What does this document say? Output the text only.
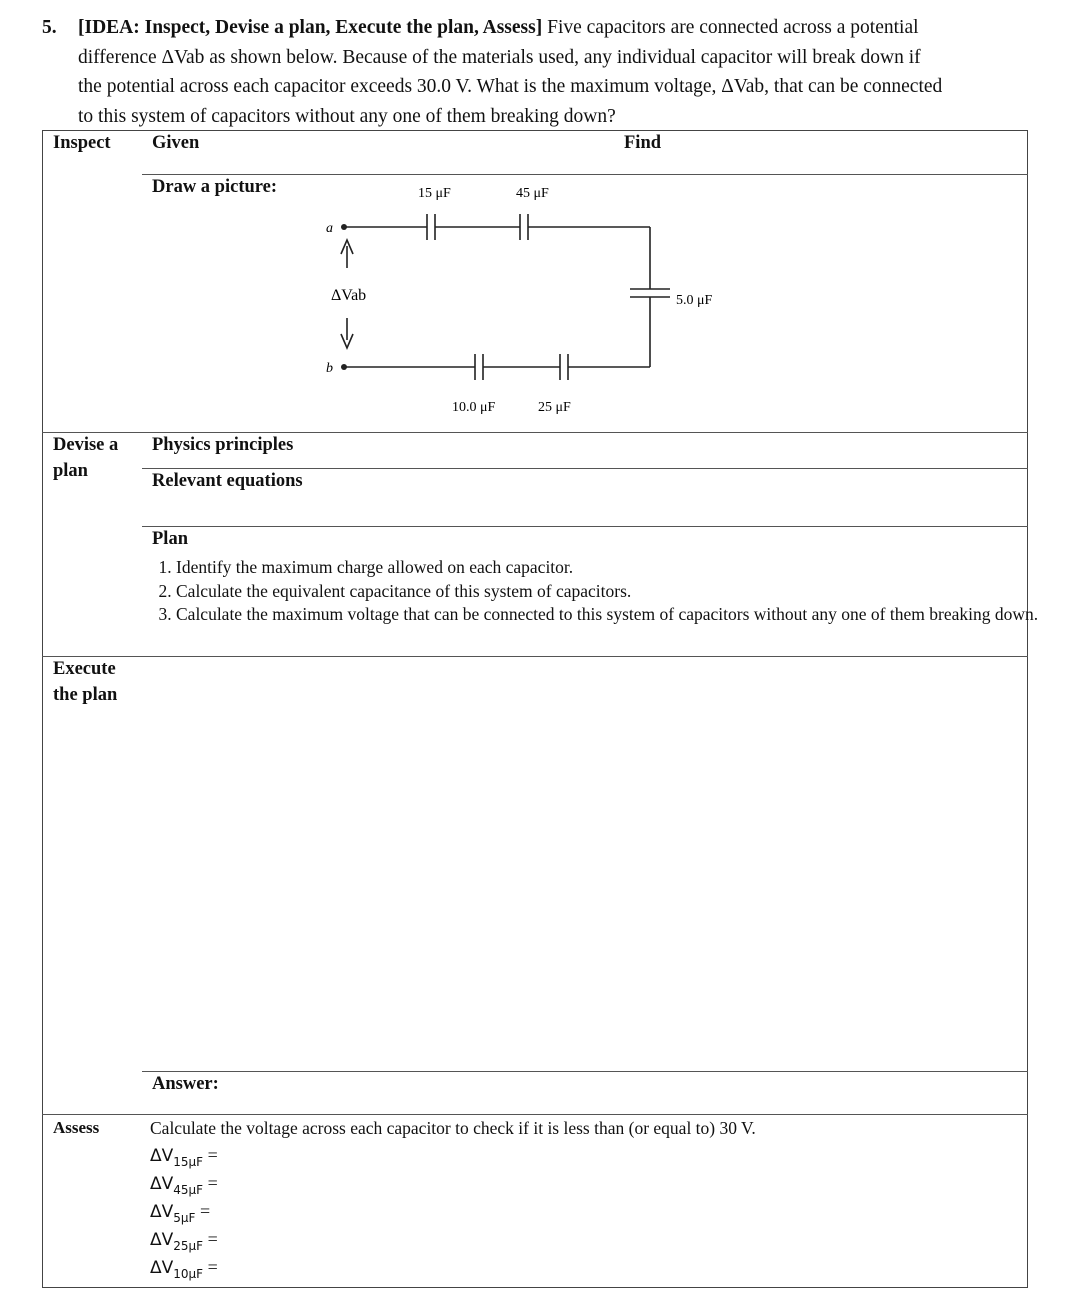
5. [IDEA: Inspect, Devise a plan, Execute the plan, Assess] Five capacitors are connected across a potential
difference ΔVab as shown below. Because of the materials used, any individual capacitor will break down if
the potential across each capacitor exceeds 30.0 V. What is the maximum voltage, ΔVab, that can be connected
to this system of capacitors without any one of them breaking down?
Inspect Given	Find
Draw a picture:
a
b
ΔVab
15 μF	45 μF
5.0 μF
10.0 μF	25 μF
Devise a
plan
Physics principles
Relevant equations
Plan
1. Identify the maximum charge allowed on each capacitor.
2. Calculate the equivalent capacitance of this system of capacitors.
3. Calculate the maximum voltage that can be connected to this system of capacitors without any one of them breaking down.
Execute
the plan
Answer:
Assess	Calculate the voltage across each capacitor to check if it is less than (or equal to) 30 V.
$\Delta V_{15\mu F}$ =
$\Delta V_{45\mu F}$ =
$\Delta V_{5\mu F}$ =
$\Delta V_{25\mu F}$ =
$\Delta V_{10\mu F}$ =
